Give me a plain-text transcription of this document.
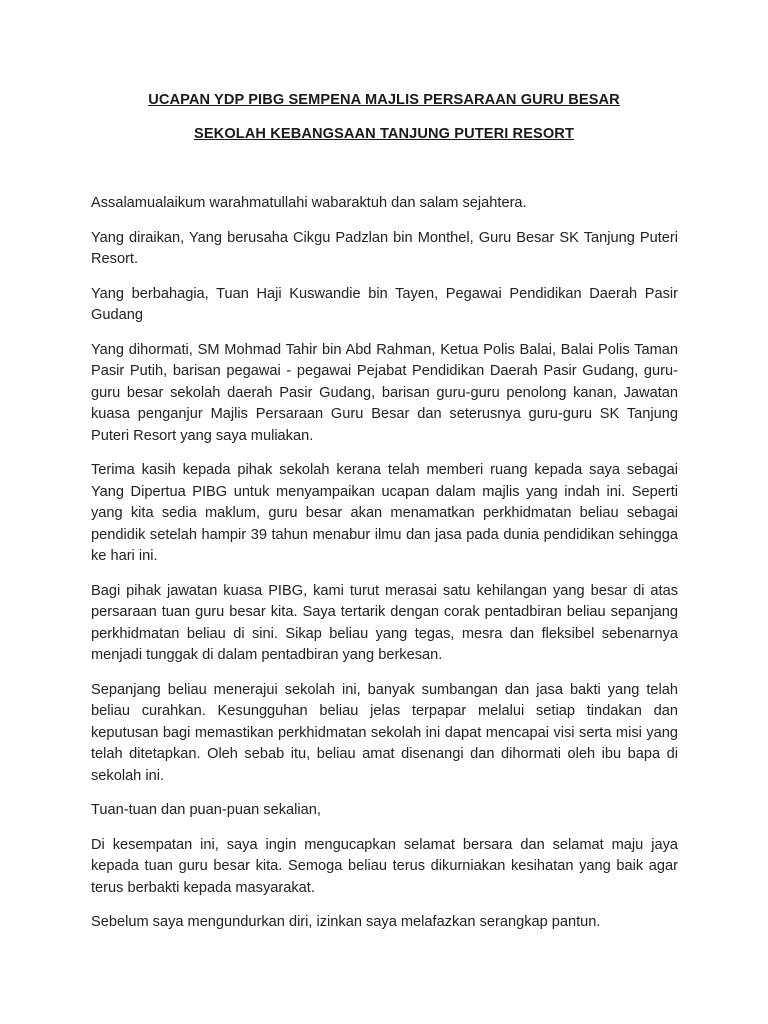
UCAPAN YDP PIBG SEMPENA MAJLIS PERSARAAN GURU BESAR
SEKOLAH KEBANGSAAN TANJUNG PUTERI RESORT

Assalamualaikum warahmatullahi wabaraktuh dan salam sejahtera.

Yang diraikan, Yang berusaha Cikgu Padzlan bin Monthel, Guru Besar SK Tanjung Puteri Resort.

Yang berbahagia, Tuan Haji Kuswandie bin Tayen, Pegawai Pendidikan Daerah Pasir Gudang

Yang dihormati, SM Mohmad Tahir bin Abd Rahman, Ketua Polis Balai, Balai Polis Taman Pasir Putih, barisan pegawai - pegawai Pejabat Pendidikan Daerah Pasir Gudang, guru-guru besar sekolah daerah Pasir Gudang, barisan guru-guru penolong kanan, Jawatan kuasa penganjur Majlis Persaraan Guru Besar dan seterusnya guru-guru SK Tanjung Puteri Resort yang saya muliakan.

Terima kasih kepada pihak sekolah kerana telah memberi ruang kepada saya sebagai Yang Dipertua PIBG untuk menyampaikan ucapan dalam majlis yang indah ini. Seperti yang kita sedia maklum, guru besar akan menamatkan perkhidmatan beliau sebagai pendidik setelah hampir 39 tahun menabur ilmu dan jasa pada dunia pendidikan sehingga ke hari ini.

Bagi pihak jawatan kuasa PIBG, kami turut merasai satu kehilangan yang besar di atas persaraan tuan guru besar kita. Saya tertarik dengan corak pentadbiran beliau sepanjang perkhidmatan beliau di sini. Sikap beliau yang tegas, mesra dan fleksibel sebenarnya menjadi tunggak di dalam pentadbiran yang berkesan.

Sepanjang beliau menerajui sekolah ini, banyak sumbangan dan jasa bakti yang telah beliau curahkan. Kesungguhan beliau jelas terpapar melalui setiap tindakan dan keputusan bagi memastikan perkhidmatan sekolah ini dapat mencapai visi serta misi yang telah ditetapkan. Oleh sebab itu, beliau amat disenangi dan dihormati oleh ibu bapa di sekolah ini.

Tuan-tuan dan puan-puan sekalian,

Di kesempatan ini, saya ingin mengucapkan selamat bersara dan selamat maju jaya kepada tuan guru besar kita. Semoga beliau terus dikurniakan kesihatan yang baik agar terus berbakti kepada masyarakat.

Sebelum saya mengundurkan diri, izinkan saya melafazkan serangkap pantun.
